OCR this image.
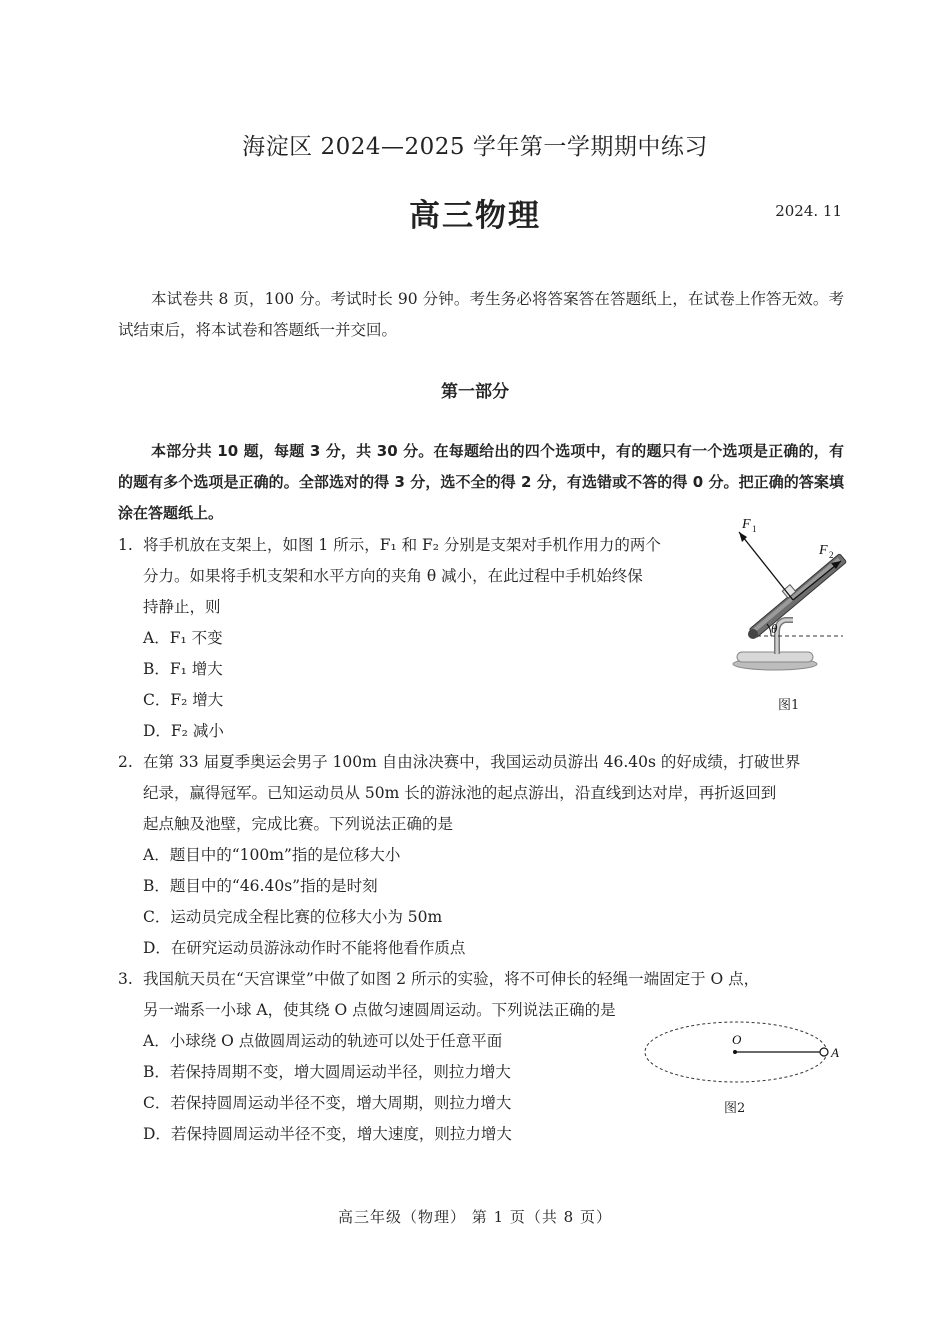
海淀区 2024—2025 学年第一学期期中练习
高三物理	2024. 11
本试卷共 8 页，100 分。考试时长 90 分钟。考生务必将答案答在答题纸上，在试卷上作答无效。考试结束后，将本试卷和答题纸一并交回。
第一部分
本部分共 10 题，每题 3 分，共 30 分。在每题给出的四个选项中，有的题只有一个选项是正确的，有的题有多个选项是正确的。全部选对的得 3 分，选不全的得 2 分，有选错或不答的得 0 分。把正确的答案填涂在答题纸上。
1. 将手机放在支架上，如图 1 所示，F₁ 和 F₂ 分别是支架对手机作用力的两个
分力。如果将手机支架和水平方向的夹角 θ 减小，在此过程中手机始终保
持静止，则
A．F₁ 不变
B．F₁ 增大
C．F₂ 增大
D．F₂ 减小
F 1
F 2
θ
图1
2. 在第 33 届夏季奥运会男子 100m 自由泳决赛中，我国运动员游出 46.40s 的好成绩，打破世界
纪录，赢得冠军。已知运动员从 50m 长的游泳池的起点游出，沿直线到达对岸，再折返回到
起点触及池壁，完成比赛。下列说法正确的是
A．题目中的“100m”指的是位移大小
B．题目中的“46.40s”指的是时刻
C．运动员完成全程比赛的位移大小为 50m
D．在研究运动员游泳动作时不能将他看作质点
3. 我国航天员在“天宫课堂”中做了如图 2 所示的实验，将不可伸长的轻绳一端固定于 O 点，
另一端系一小球 A，使其绕 O 点做匀速圆周运动。下列说法正确的是
A．小球绕 O 点做圆周运动的轨迹可以处于任意平面
B．若保持周期不变，增大圆周运动半径，则拉力增大
C．若保持圆周运动半径不变，增大周期，则拉力增大
D．若保持圆周运动半径不变，增大速度，则拉力增大
O
A
图2
高三年级（物理） 第 1 页（共 8 页）
